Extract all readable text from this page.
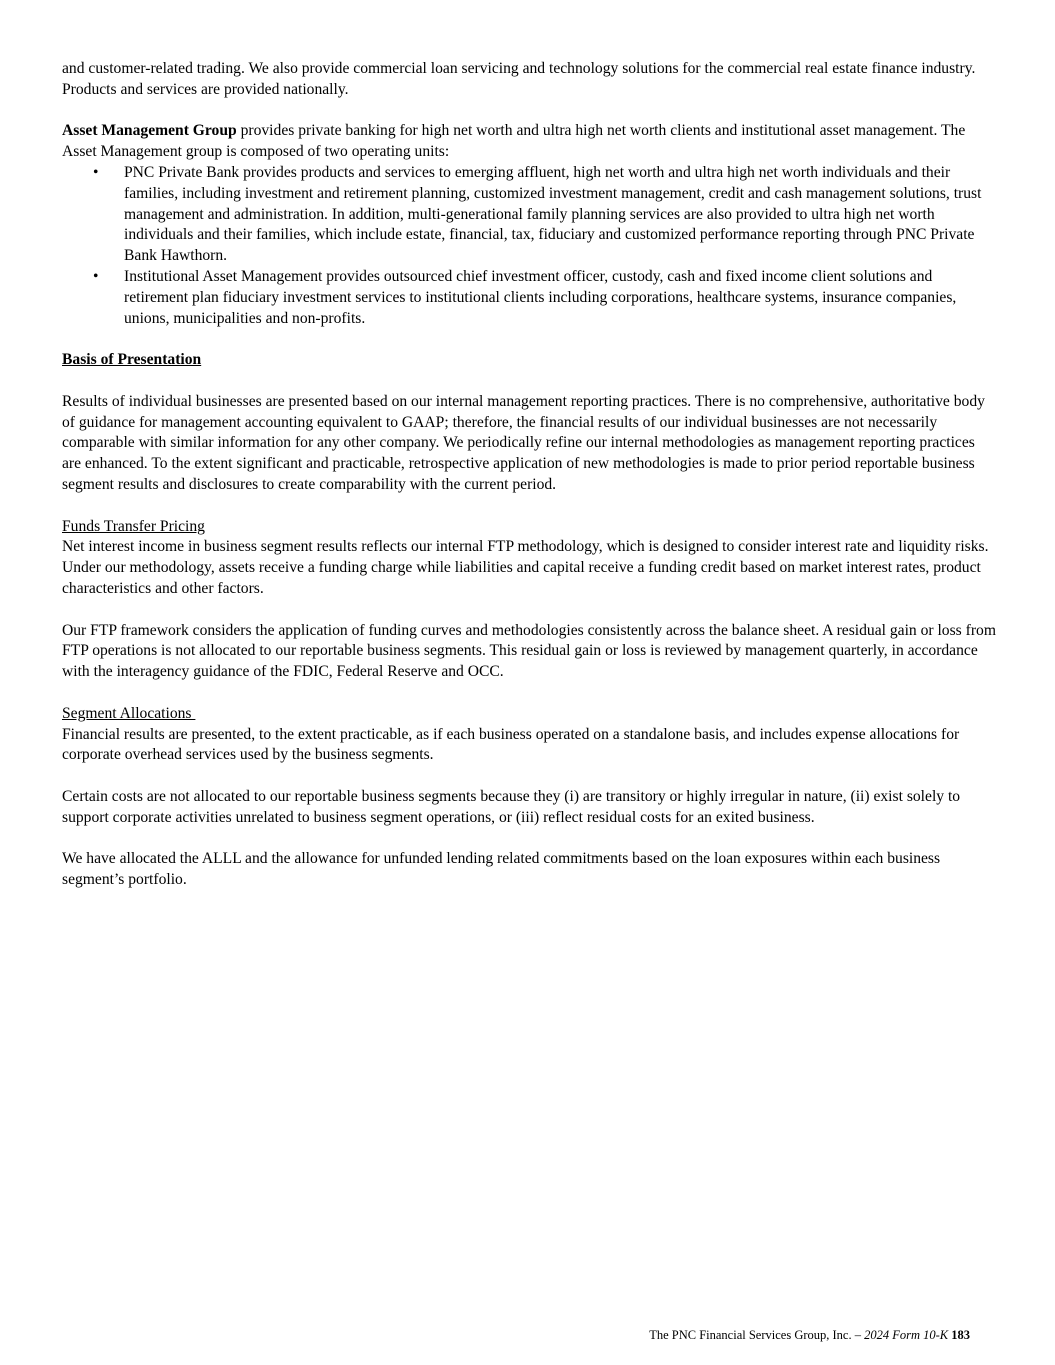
and customer-related trading. We also provide commercial loan servicing and technology solutions for the commercial real estate finance industry. Products and services are provided nationally.

Asset Management Group provides private banking for high net worth and ultra high net worth clients and institutional asset management. The Asset Management group is composed of two operating units:

• PNC Private Bank provides products and services to emerging affluent, high net worth and ultra high net worth individuals and their families, including investment and retirement planning, customized investment management, credit and cash management solutions, trust management and administration. In addition, multi-generational family planning services are also provided to ultra high net worth individuals and their families, which include estate, financial, tax, fiduciary and customized performance reporting through PNC Private Bank Hawthorn.
• Institutional Asset Management provides outsourced chief investment officer, custody, cash and fixed income client solutions and retirement plan fiduciary investment services to institutional clients including corporations, healthcare systems, insurance companies, unions, municipalities and non-profits.

Basis of Presentation

Results of individual businesses are presented based on our internal management reporting practices. There is no comprehensive, authoritative body of guidance for management accounting equivalent to GAAP; therefore, the financial results of our individual businesses are not necessarily comparable with similar information for any other company. We periodically refine our internal methodologies as management reporting practices are enhanced. To the extent significant and practicable, retrospective application of new methodologies is made to prior period reportable business segment results and disclosures to create comparability with the current period.

Funds Transfer Pricing

Net interest income in business segment results reflects our internal FTP methodology, which is designed to consider interest rate and liquidity risks. Under our methodology, assets receive a funding charge while liabilities and capital receive a funding credit based on market interest rates, product characteristics and other factors.

Our FTP framework considers the application of funding curves and methodologies consistently across the balance sheet. A residual gain or loss from FTP operations is not allocated to our reportable business segments. This residual gain or loss is reviewed by management quarterly, in accordance with the interagency guidance of the FDIC, Federal Reserve and OCC.

Segment Allocations

Financial results are presented, to the extent practicable, as if each business operated on a standalone basis, and includes expense allocations for corporate overhead services used by the business segments.

Certain costs are not allocated to our reportable business segments because they (i) are transitory or highly irregular in nature, (ii) exist solely to support corporate activities unrelated to business segment operations, or (iii) reflect residual costs for an exited business.

We have allocated the ALLL and the allowance for unfunded lending related commitments based on the loan exposures within each business segment’s portfolio.

The PNC Financial Services Group, Inc. – 2024 Form 10-K 183
